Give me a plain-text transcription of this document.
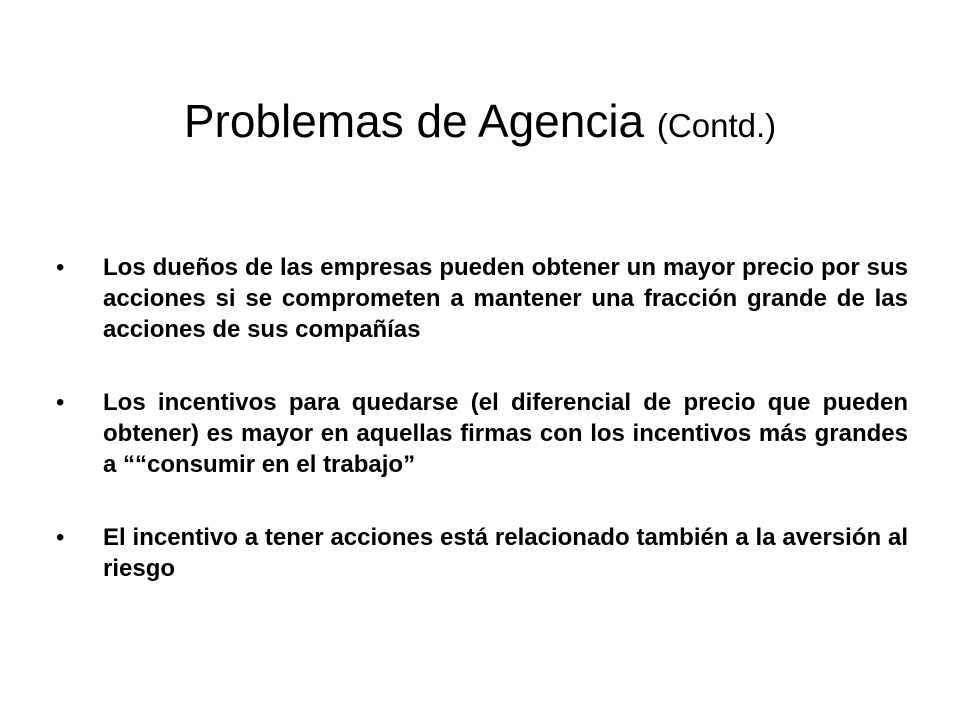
Problemas de Agencia (Contd.)
• Los dueños de las empresas pueden obtener un mayor precio por sus acciones si se comprometen a mantener una fracción grande de las acciones de sus compañías
• Los incentivos para quedarse (el diferencial de precio que pueden obtener) es mayor en aquellas firmas con los incentivos más grandes a ““consumir en el trabajo”
• El incentivo a tener acciones está relacionado también a la aversión al riesgo
